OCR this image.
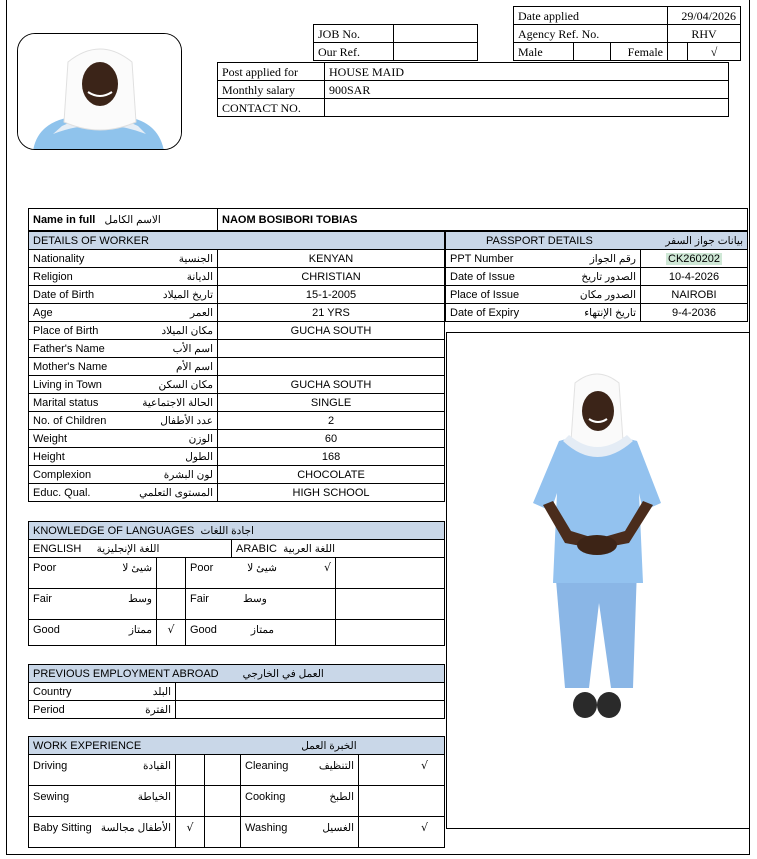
JOB No.	
Our Ref.	
Date applied			29/04/2026	
Agency Ref. No.			RHV	
Male		Female		√
Post applied for	HOUSE MAID
Monthly salary	900SAR
CONTACT NO.	
Name in full الاسم الكامل	NAOM BOSIBORI TOBIAS
DETAILS OF WORKER	
Nationality الجنسية	KENYAN
Religion الديانة	CHRISTIAN
Date of Birth تاريخ الميلاد	15-1-2005
Age العمر	21 YRS
Place of Birth مكان الميلاد	GUCHA SOUTH
Father's Name اسم الأب	

Mother's Name اسم الأم	

Living in Town مكان السكن	GUCHA SOUTH
Marital status الحالة الاجتماعية	SINGLE
No. of Children عدد الأطفال	2
Weight الوزن	60
Height الطول	168
Complexion لون البشرة	CHOCOLATE
Educ. Qual. المستوى التعلمي	HIGH SCHOOL
PASSPORT DETAILS بيانات جواز السفر	

PPT Number رقم الجواز	CK260202
Date of Issue الصدور تاريخ	10-4-2026
Place of Issue الصدور مكان	NAIROBI
Date of Expiry تاريخ الإنتهاء	9-4-2036
KNOWLEDGE OF LANGUAGES اجادة اللغات				
ENGLISH اللغة الإنجليزية			ARABIC اللغة العربية	
Poor شيئ لا		Poor شيئ لا √		

Fair وسط		Fair وسط	

Good ممتاز	√	Good ممتاز	

PREVIOUS EMPLOYMENT ABROAD العمل في الخارجي	
Country البلد	

Period الفترة	

WORK EXPERIENCE الخبرة العمل				
Driving القيادة			Cleaning التنظيف	√
Sewing الخياطة			Cooking الطبخ	

Baby Sitting الأطفال مجالسة	√		Washing الغسيل	√
